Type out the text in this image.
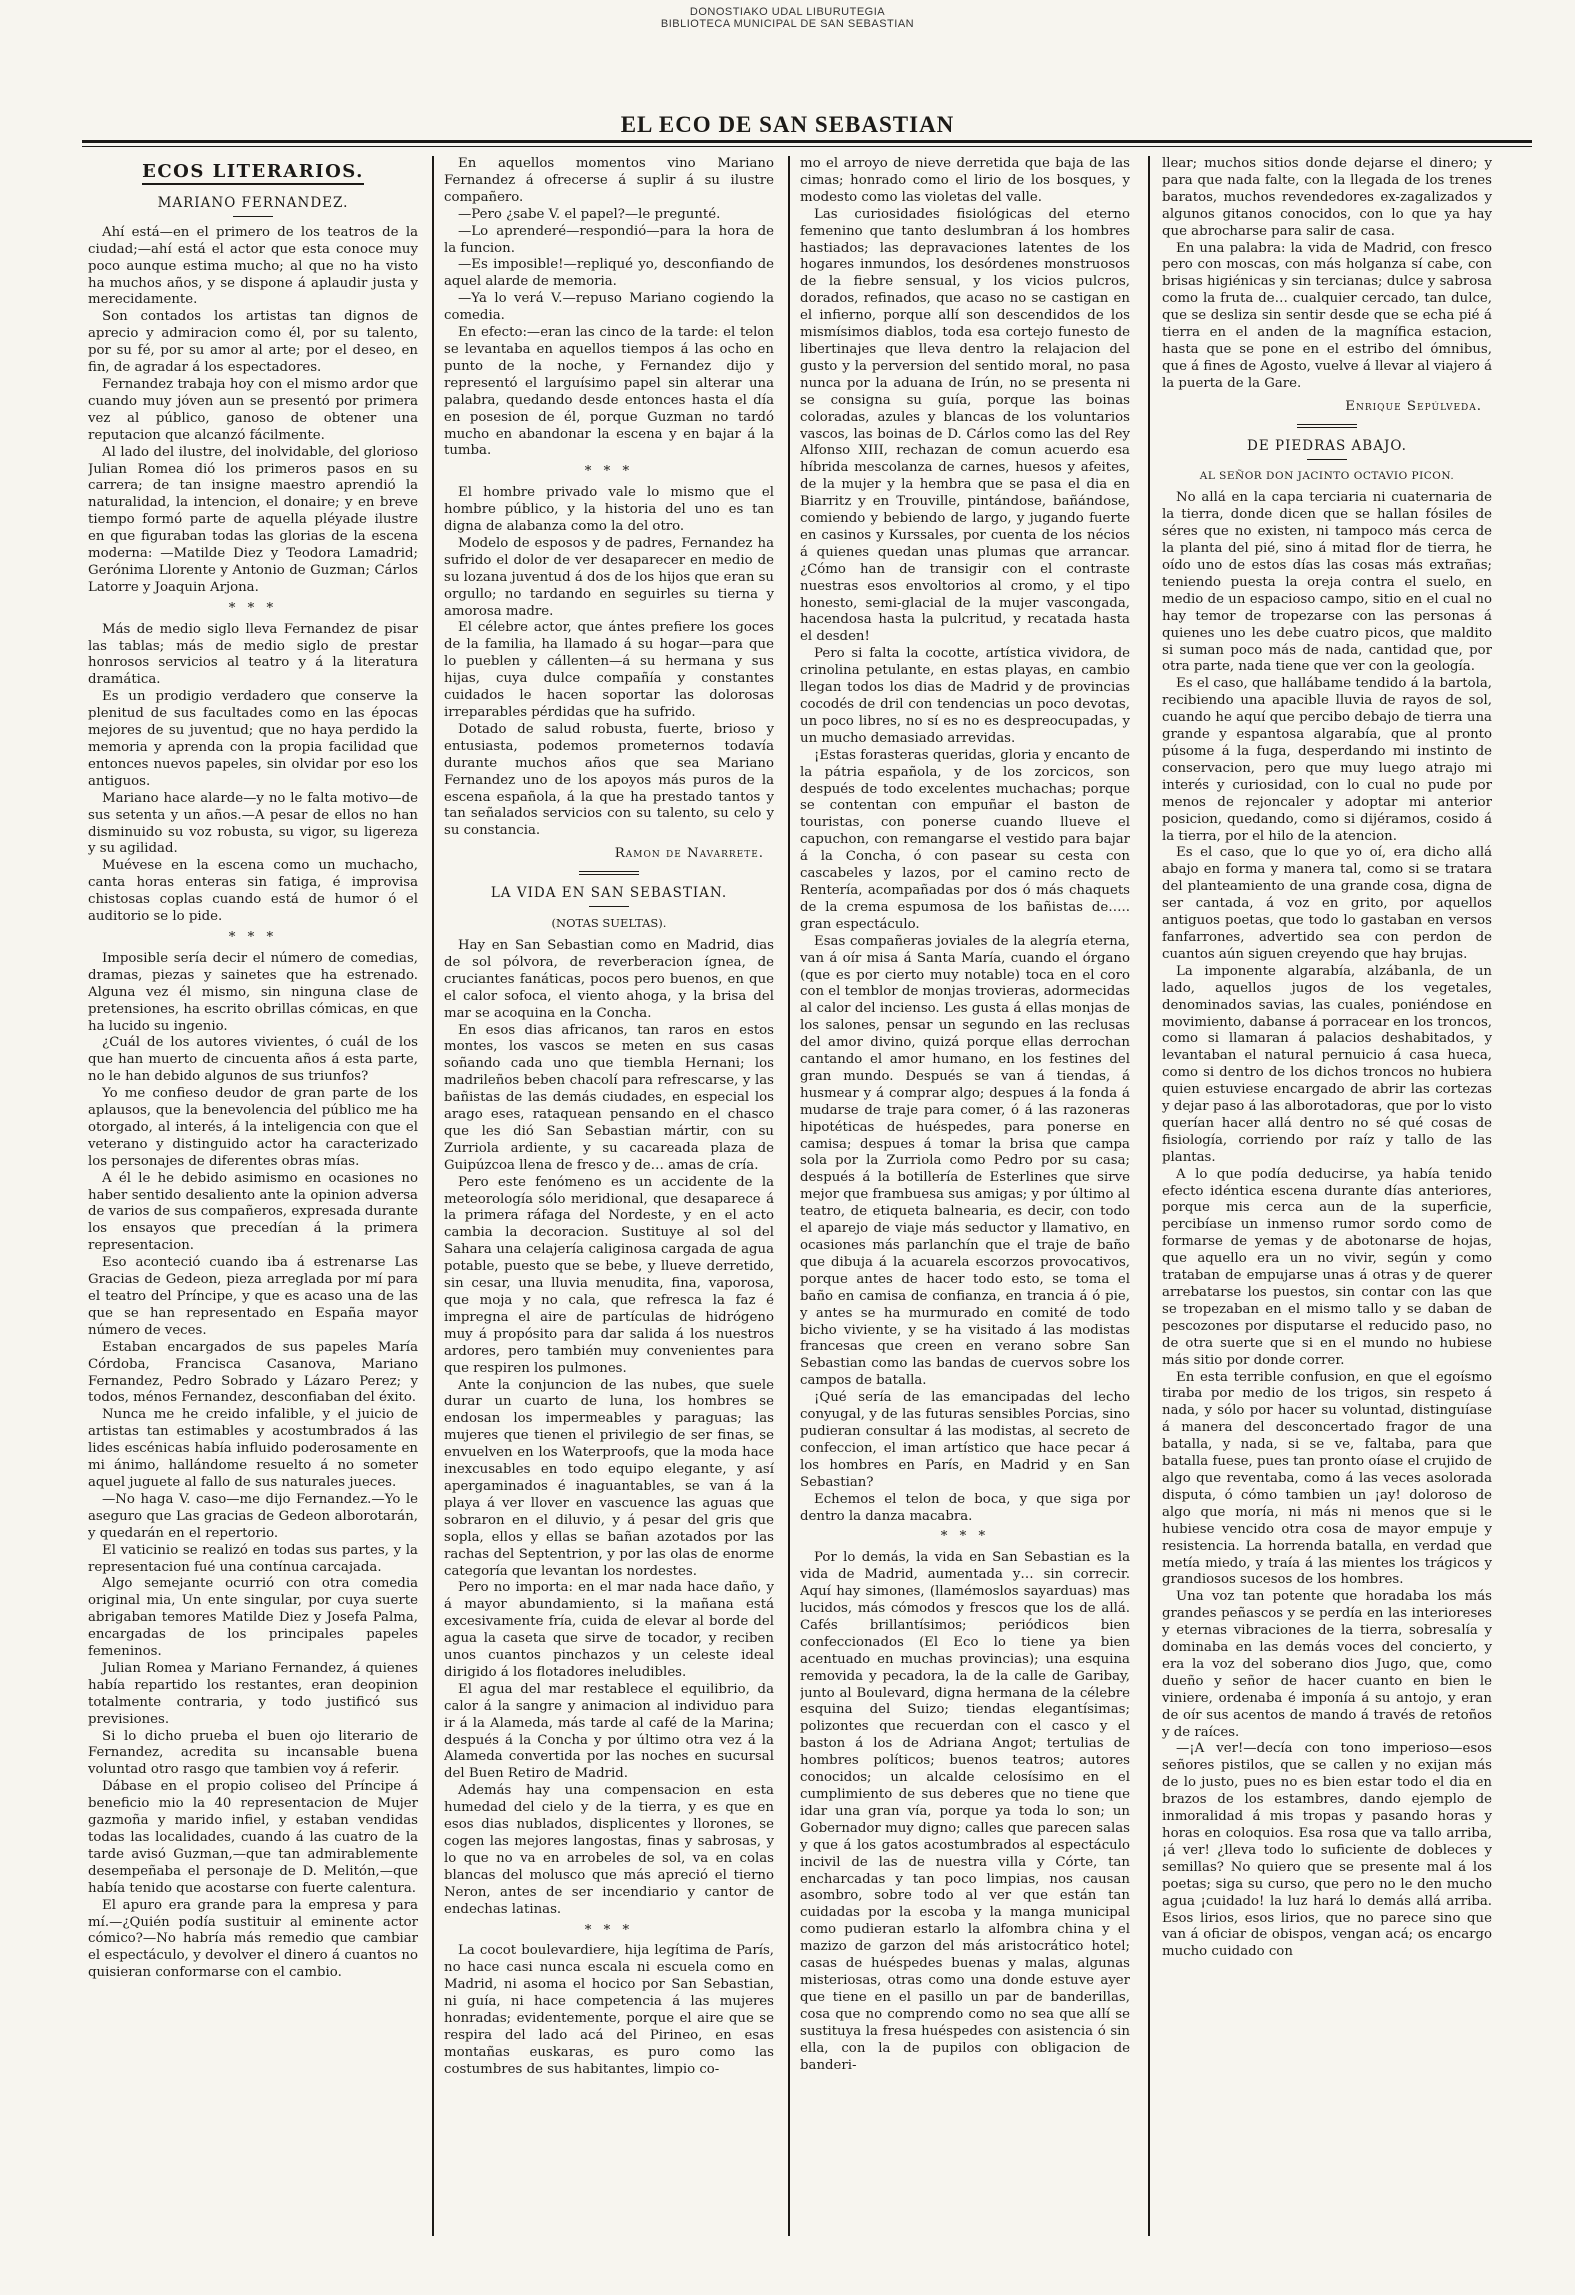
DONOSTIAKO UDAL LIBURUTEGIA
BIBLIOTECA MUNICIPAL DE SAN SEBASTIAN
EL ECO DE SAN SEBASTIAN

ECOS LITERARIOS.

MARIANO FERNANDEZ.

Ahí está—en el primero de los teatros de la ciudad;—ahí está el actor que esta conoce muy poco aunque estima mucho; al que no ha visto ha muchos años, y se dispone á aplaudir justa y merecidamente.

Son contados los artistas tan dignos de aprecio y admiracion como él, por su talento, por su fé, por su amor al arte; por el deseo, en fin, de agradar á los espectadores.

Fernandez trabaja hoy con el mismo ardor que cuando muy jóven aun se presentó por primera vez al público, ganoso de obtener una reputacion que alcanzó fácilmente.

Al lado del ilustre, del inolvidable, del glorioso Julian Romea dió los primeros pasos en su carrera; de tan insigne maestro aprendió la naturalidad, la intencion, el donaire; y en breve tiempo formó parte de aquella pléyade ilustre en que figuraban todas las glorias de la escena moderna: —Matilde Diez y Teodora Lamadrid; Gerónima Llorente y Antonio de Guzman; Cárlos Latorre y Joaquin Arjona.

* * *

Más de medio siglo lleva Fernandez de pisar las tablas; más de medio siglo de prestar honrosos servicios al teatro y á la literatura dramática.

Es un prodigio verdadero que conserve la plenitud de sus facultades como en las épocas mejores de su juventud; que no haya perdido la memoria y aprenda con la propia facilidad que entonces nuevos papeles, sin olvidar por eso los antiguos.

Mariano hace alarde—y no le falta motivo—de sus setenta y un años.—A pesar de ellos no han disminuido su voz robusta, su vigor, su ligereza y su agilidad.

Muévese en la escena como un muchacho, canta horas enteras sin fatiga, é improvisa chistosas coplas cuando está de humor ó el auditorio se lo pide.

* * *

Imposible sería decir el número de comedias, dramas, piezas y sainetes que ha estrenado. Alguna vez él mismo, sin ninguna clase de pretensiones, ha escrito obrillas cómicas, en que ha lucido su ingenio.

¿Cuál de los autores vivientes, ó cuál de los que han muerto de cincuenta años á esta parte, no le han debido algunos de sus triunfos?

Yo me confieso deudor de gran parte de los aplausos, que la benevolencia del público me ha otorgado, al interés, á la inteligencia con que el veterano y distinguido actor ha caracterizado los personajes de diferentes obras mías.

A él le he debido asimismo en ocasiones no haber sentido desaliento ante la opinion adversa de varios de sus compañeros, expresada durante los ensayos que precedían á la primera representacion.

Eso aconteció cuando iba á estrenarse Las Gracias de Gedeon, pieza arreglada por mí para el teatro del Príncipe, y que es acaso una de las que se han representado en España mayor número de veces.

Estaban encargados de sus papeles María Córdoba, Francisca Casanova, Mariano Fernandez, Pedro Sobrado y Lázaro Perez; y todos, ménos Fernandez, desconfiaban del éxito.

Nunca me he creido infalible, y el juicio de artistas tan estimables y acostumbrados á las lides escénicas había influido poderosamente en mi ánimo, hallándome resuelto á no someter aquel juguete al fallo de sus naturales jueces.

—No haga V. caso—me dijo Fernandez.—Yo le aseguro que Las gracias de Gedeon alborotarán, y quedarán en el repertorio.

El vaticinio se realizó en todas sus partes, y la representacion fué una contínua carcajada.

Algo semejante ocurrió con otra comedia original mia, Un ente singular, por cuya suerte abrigaban temores Matilde Diez y Josefa Palma, encargadas de los principales papeles femeninos.

Julian Romea y Mariano Fernandez, á quienes había repartido los restantes, eran deopinion totalmente contraria, y todo justificó sus previsiones.

Si lo dicho prueba el buen ojo literario de Fernandez, acredita su incansable buena voluntad otro rasgo que tambien voy á referir.

Dábase en el propio coliseo del Príncipe á beneficio mio la 40 representacion de Mujer gazmoña y marido infiel, y estaban vendidas todas las localidades, cuando á las cuatro de la tarde avisó Guzman,—que tan admirablemente desempeñaba el personaje de D. Melitón,—que había tenido que acostarse con fuerte calentura.

El apuro era grande para la empresa y para mí.—¿Quién podía sustituir al eminente actor cómico?—No habría más remedio que cambiar el espectáculo, y devolver el dinero á cuantos no quisieran conformarse con el cambio.

En aquellos momentos vino Mariano Fernandez á ofrecerse á suplir á su ilustre compañero.

—Pero ¿sabe V. el papel?—le pregunté.

—Lo aprenderé—respondió—para la hora de la funcion.

—Es imposible!—repliqué yo, desconfiando de aquel alarde de memoria.

—Ya lo verá V.—repuso Mariano cogiendo la comedia.

En efecto:—eran las cinco de la tarde: el telon se levantaba en aquellos tiempos á las ocho en punto de la noche, y Fernandez dijo y representó el larguísimo papel sin alterar una palabra, quedando desde entonces hasta el día en posesion de él, porque Guzman no tardó mucho en abandonar la escena y en bajar á la tumba.

* * *

El hombre privado vale lo mismo que el hombre público, y la historia del uno es tan digna de alabanza como la del otro.

Modelo de esposos y de padres, Fernandez ha sufrido el dolor de ver desaparecer en medio de su lozana juventud á dos de los hijos que eran su orgullo; no tardando en seguirles su tierna y amorosa madre.

El célebre actor, que ántes prefiere los goces de la familia, ha llamado á su hogar—para que lo pueblen y cállenten—á su hermana y sus hijas, cuya dulce compañía y constantes cuidados le hacen soportar las dolorosas irreparables pérdidas que ha sufrido.

Dotado de salud robusta, fuerte, brioso y entusiasta, podemos prometernos todavía durante muchos años que sea Mariano Fernandez uno de los apoyos más puros de la escena española, á la que ha prestado tantos y tan señalados servicios con su talento, su celo y su constancia.

Ramon de Navarrete.

LA VIDA EN SAN SEBASTIAN.

(NOTAS SUELTAS).

Hay en San Sebastian como en Madrid, dias de sol pólvora, de reverberacion ígnea, de cruciantes fanáticas, pocos pero buenos, en que el calor sofoca, el viento ahoga, y la brisa del mar se acoquina en la Concha.

En esos dias africanos, tan raros en estos montes, los vascos se meten en sus casas soñando cada uno que tiembla Hernani; los madrileños beben chacolí para refrescarse, y las bañistas de las demás ciudades, en especial los arago eses, rataquean pensando en el chasco que les dió San Sebastian mártir, con su Zurriola ardiente, y su cacareada plaza de Guipúzcoa llena de fresco y de… amas de cría.

Pero este fenómeno es un accidente de la meteorología sólo meridional, que desaparece á la primera ráfaga del Nordeste, y en el acto cambia la decoracion. Sustituye al sol del Sahara una celajería caliginosa cargada de agua potable, puesto que se bebe, y llueve derretido, sin cesar, una lluvia menudita, fina, vaporosa, que moja y no cala, que refresca la faz é impregna el aire de partículas de hidrógeno muy á propósito para dar salida á los nuestros ardores, pero también muy convenientes para que respiren los pulmones.

Ante la conjuncion de las nubes, que suele durar un cuarto de luna, los hombres se endosan los impermeables y paraguas; las mujeres que tienen el privilegio de ser finas, se envuelven en los Waterproofs, que la moda hace inexcusables en todo equipo elegante, y así apergaminados é inaguantables, se van á la playa á ver llover en vascuence las aguas que sobraron en el diluvio, y á pesar del gris que sopla, ellos y ellas se bañan azotados por las rachas del Septentrion, y por las olas de enorme categoría que levantan los nordestes.

Pero no importa: en el mar nada hace daño, y á mayor abundamiento, si la mañana está excesivamente fría, cuida de elevar al borde del agua la caseta que sirve de tocador, y reciben unos cuantos pinchazos y un celeste ideal dirigido á los flotadores ineludibles.

El agua del mar restablece el equilibrio, da calor á la sangre y animacion al individuo para ir á la Alameda, más tarde al café de la Marina; después á la Concha y por último otra vez á la Alameda convertida por las noches en sucursal del Buen Retiro de Madrid.

Además hay una compensacion en esta humedad del cielo y de la tierra, y es que en esos dias nublados, displicentes y llorones, se cogen las mejores langostas, finas y sabrosas, y lo que no va en arrobeles de sol, va en colas blancas del molusco que más apreció el tierno Neron, antes de ser incendiario y cantor de endechas latinas.

* * *

La cocot boulevardiere, hija legítima de París, no hace casi nunca escala ni escuela como en Madrid, ni asoma el hocico por San Sebastian, ni guía, ni hace competencia á las mujeres honradas; evidentemente, porque el aire que se respira del lado acá del Pirineo, en esas montañas euskaras, es puro como las costumbres de sus habitantes, limpio co-

mo el arroyo de nieve derretida que baja de las cimas; honrado como el lirio de los bosques, y modesto como las violetas del valle.

Las curiosidades fisiológicas del eterno femenino que tanto deslumbran á los hombres hastiados; las depravaciones latentes de los hogares inmundos, los desórdenes monstruosos de la fiebre sensual, y los vicios pulcros, dorados, refinados, que acaso no se castigan en el infierno, porque allí son descendidos de los mismísimos diablos, toda esa cortejo funesto de libertinajes que lleva dentro la relajacion del gusto y la perversion del sentido moral, no pasa nunca por la aduana de Irún, no se presenta ni se consigna su guía, porque las boinas coloradas, azules y blancas de los voluntarios vascos, las boinas de D. Cárlos como las del Rey Alfonso XIII, rechazan de comun acuerdo esa híbrida mescolanza de carnes, huesos y afeites, de la mujer y la hembra que se pasa el dia en Biarritz y en Trouville, pintándose, bañándose, comiendo y bebiendo de largo, y jugando fuerte en casinos y Kurssales, por cuenta de los nécios á quienes quedan unas plumas que arrancar. ¿Cómo han de transigir con el contraste nuestras esos envoltorios al cromo, y el tipo honesto, semi-glacial de la mujer vascongada, hacendosa hasta la pulcritud, y recatada hasta el desden!

Pero si falta la cocotte, artística vividora, de crinolina petulante, en estas playas, en cambio llegan todos los dias de Madrid y de provincias cocodés de dril con tendencias un poco devotas, un poco libres, no sí es no es despreocupadas, y un mucho demasiado arrevidas.

¡Estas forasteras queridas, gloria y encanto de la pátria española, y de los zorcicos, son después de todo excelentes muchachas; porque se contentan con empuñar el baston de touristas, con ponerse cuando llueve el capuchon, con remangarse el vestido para bajar á la Concha, ó con pasear su cesta con cascabeles y lazos, por el camino recto de Rentería, acompañadas por dos ó más chaquets de la crema espumosa de los bañistas de….. gran espectáculo.

Esas compañeras joviales de la alegría eterna, van á oír misa á Santa María, cuando el órgano (que es por cierto muy notable) toca en el coro con el temblor de monjas trovieras, adormecidas al calor del incienso. Les gusta á ellas monjas de los salones, pensar un segundo en las reclusas del amor divino, quizá porque ellas derrochan cantando el amor humano, en los festines del gran mundo. Después se van á tiendas, á husmear y á comprar algo; despues á la fonda á mudarse de traje para comer, ó á las razoneras hipotéticas de huéspedes, para ponerse en camisa; despues á tomar la brisa que campa sola por la Zurriola como Pedro por su casa; después á la botillería de Esterlines que sirve mejor que frambuesa sus amigas; y por último al teatro, de etiqueta balnearia, es decir, con todo el aparejo de viaje más seductor y llamativo, en ocasiones más parlanchín que el traje de baño que dibuja á la acuarela escorzos provocativos, porque antes de hacer todo esto, se toma el baño en camisa de confianza, en trancia á ó pie, y antes se ha murmurado en comité de todo bicho viviente, y se ha visitado á las modistas francesas que creen en verano sobre San Sebastian como las bandas de cuervos sobre los campos de batalla.

¡Qué sería de las emancipadas del lecho conyugal, y de las futuras sensibles Porcias, sino pudieran consultar á las modistas, al secreto de confeccion, el iman artístico que hace pecar á los hombres en París, en Madrid y en San Sebastian?

Echemos el telon de boca, y que siga por dentro la danza macabra.

* * *

Por lo demás, la vida en San Sebastian es la vida de Madrid, aumentada y… sin correcir. Aquí hay simones, (llamémoslos sayarduas) mas lucidos, más cómodos y frescos que los de allá. Cafés brillantísimos; periódicos bien confeccionados (El Eco lo tiene ya bien acentuado en muchas provincias); una esquina removida y pecadora, la de la calle de Garibay, junto al Boulevard, digna hermana de la célebre esquina del Suizo; tiendas elegantísimas; polizontes que recuerdan con el casco y el baston á los de Adriana Angot; tertulias de hombres políticos; buenos teatros; autores conocidos; un alcalde celosísimo en el cumplimiento de sus deberes que no tiene que idar una gran vía, porque ya toda lo son; un Gobernador muy digno; calles que parecen salas y que á los gatos acostumbrados al espectáculo incivil de las de nuestra villa y Córte, tan encharcadas y tan poco limpias, nos causan asombro, sobre todo al ver que están tan cuidadas por la escoba y la manga municipal como pudieran estarlo la alfombra china y el mazizo de garzon del más aristocrático hotel; casas de huéspedes buenas y malas, algunas misteriosas, otras como una donde estuve ayer que tiene en el pasillo un par de banderillas, cosa que no comprendo como no sea que allí se sustituya la fresa huéspedes con asistencia ó sin ella, con la de pupilos con obligacion de banderi-

llear; muchos sitios donde dejarse el dinero; y para que nada falte, con la llegada de los trenes baratos, muchos revendedores ex-zagalizados y algunos gitanos conocidos, con lo que ya hay que abrocharse para salir de casa.

En una palabra: la vida de Madrid, con fresco pero con moscas, con más holganza sí cabe, con brisas higiénicas y sin tercianas; dulce y sabrosa como la fruta de… cualquier cercado, tan dulce, que se desliza sin sentir desde que se echa pié á tierra en el anden de la magnífica estacion, hasta que se pone en el estribo del ómnibus, que á fines de Agosto, vuelve á llevar al viajero á la puerta de la Gare.

Enrique Sepúlveda.

DE PIEDRAS ABAJO.

AL SEÑOR DON JACINTO OCTAVIO PICON.

No allá en la capa terciaria ni cuaternaria de la tierra, donde dicen que se hallan fósiles de séres que no existen, ni tampoco más cerca de la planta del pié, sino á mitad flor de tierra, he oído uno de estos días las cosas más extrañas; teniendo puesta la oreja contra el suelo, en medio de un espacioso campo, sitio en el cual no hay temor de tropezarse con las personas á quienes uno les debe cuatro picos, que maldito si suman poco más de nada, cantidad que, por otra parte, nada tiene que ver con la geología.

Es el caso, que hallábame tendido á la bartola, recibiendo una apacible lluvia de rayos de sol, cuando he aquí que percibo debajo de tierra una grande y espantosa algarabía, que al pronto púsome á la fuga, desperdando mi instinto de conservacion, pero que muy luego atrajo mi interés y curiosidad, con lo cual no pude por menos de rejoncaler y adoptar mi anterior posicion, quedando, como si dijéramos, cosido á la tierra, por el hilo de la atencion.

Es el caso, que lo que yo oí, era dicho allá abajo en forma y manera tal, como si se tratara del planteamiento de una grande cosa, digna de ser cantada, á voz en grito, por aquellos antiguos poetas, que todo lo gastaban en versos fanfarrones, advertido sea con perdon de cuantos aún siguen creyendo que hay brujas.

La imponente algarabía, alzábanla, de un lado, aquellos jugos de los vegetales, denominados savias, las cuales, poniéndose en movimiento, dabanse á porracear en los troncos, como si llamaran á palacios deshabitados, y levantaban el natural pernuicio á casa hueca, como si dentro de los dichos troncos no hubiera quien estuviese encargado de abrir las cortezas y dejar paso á las alborotadoras, que por lo visto querían hacer allá dentro no sé qué cosas de fisiología, corriendo por raíz y tallo de las plantas.

A lo que podía deducirse, ya había tenido efecto idéntica escena durante días anteriores, porque mis cerca aun de la superficie, percibíase un inmenso rumor sordo como de formarse de yemas y de abotonarse de hojas, que aquello era un no vivir, según y como trataban de empujarse unas á otras y de querer arrebatarse los puestos, sin contar con las que se tropezaban en el mismo tallo y se daban de pescozones por disputarse el reducido paso, no de otra suerte que si en el mundo no hubiese más sitio por donde correr.

En esta terrible confusion, en que el egoísmo tiraba por medio de los trigos, sin respeto á nada, y sólo por hacer su voluntad, distinguíase á manera del desconcertado fragor de una batalla, y nada, si se ve, faltaba, para que batalla fuese, pues tan pronto oíase el crujido de algo que reventaba, como á las veces asolorada disputa, ó cómo tambien un ¡ay! doloroso de algo que moría, ni más ni menos que si le hubiese vencido otra cosa de mayor empuje y resistencia. La horrenda batalla, en verdad que metía miedo, y traía á las mientes los trágicos y grandiosos sucesos de los hombres.

Una voz tan potente que horadaba los más grandes peñascos y se perdía en las interioreses y eternas vibraciones de la tierra, sobresalía y dominaba en las demás voces del concierto, y era la voz del soberano dios Jugo, que, como dueño y señor de hacer cuanto en bien le viniere, ordenaba é imponía á su antojo, y eran de oír sus acentos de mando á través de retoños y de raíces.

—¡A ver!—decía con tono imperioso—esos señores pistilos, que se callen y no exijan más de lo justo, pues no es bien estar todo el dia en brazos de los estambres, dando ejemplo de inmoralidad á mis tropas y pasando horas y horas en coloquios. Esa rosa que va tallo arriba, ¡á ver! ¿lleva todo lo suficiente de dobleces y semillas? No quiero que se presente mal á los poetas; siga su curso, que pero no le den mucho agua ¡cuidado! la luz hará lo demás allá arriba. Esos lirios, esos lirios, que no parece sino que van á oficiar de obispos, vengan acá; os encargo mucho cuidado con
